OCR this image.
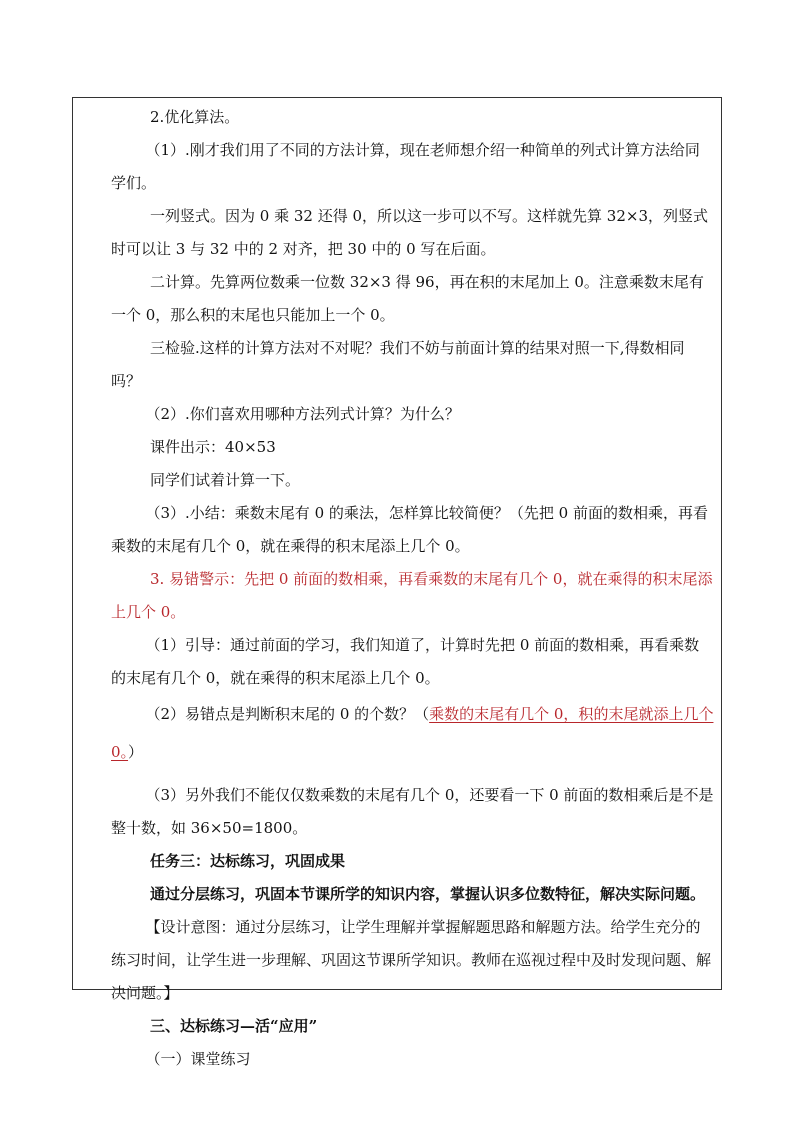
2.优化算法。

（1）.刚才我们用了不同的方法计算，现在老师想介绍一种简单的列式计算方法给同学们。

一列竖式。因为 0 乘 32 还得 0，所以这一步可以不写。这样就先算 32×3，列竖式时可以让 3 与 32 中的 2 对齐，把 30 中的 0 写在后面。

二计算。先算两位数乘一位数 32×3 得 96，再在积的末尾加上 0。注意乘数末尾有一个 0，那么积的末尾也只能加上一个 0。

三检验.这样的计算方法对不对呢？我们不妨与前面计算的结果对照一下,得数相同吗？

（2）.你们喜欢用哪种方法列式计算？为什么？

课件出示：40×53

同学们试着计算一下。

（3）.小结：乘数末尾有 0 的乘法，怎样算比较简便？（先把 0 前面的数相乘，再看乘数的末尾有几个 0，就在乘得的积末尾添上几个 0。

3. 易错警示：先把 0 前面的数相乘，再看乘数的末尾有几个 0，就在乘得的积末尾添上几个 0。

（1）引导：通过前面的学习，我们知道了，计算时先把 0 前面的数相乘，再看乘数的末尾有几个 0，就在乘得的积末尾添上几个 0。

（2）易错点是判断积末尾的 0 的个数？（乘数的末尾有几个 0，积的末尾就添上几个 0。）

（3）另外我们不能仅仅数乘数的末尾有几个 0，还要看一下 0 前面的数相乘后是不是整十数，如 36×50=1800。

任务三：达标练习，巩固成果

通过分层练习，巩固本节课所学的知识内容，掌握认识多位数特征，解决实际问题。

【设计意图：通过分层练习，让学生理解并掌握解题思路和解题方法。给学生充分的练习时间，让学生进一步理解、巩固这节课所学知识。教师在巡视过程中及时发现问题、解决问题。】

三、达标练习—活“应用”

（一）课堂练习
